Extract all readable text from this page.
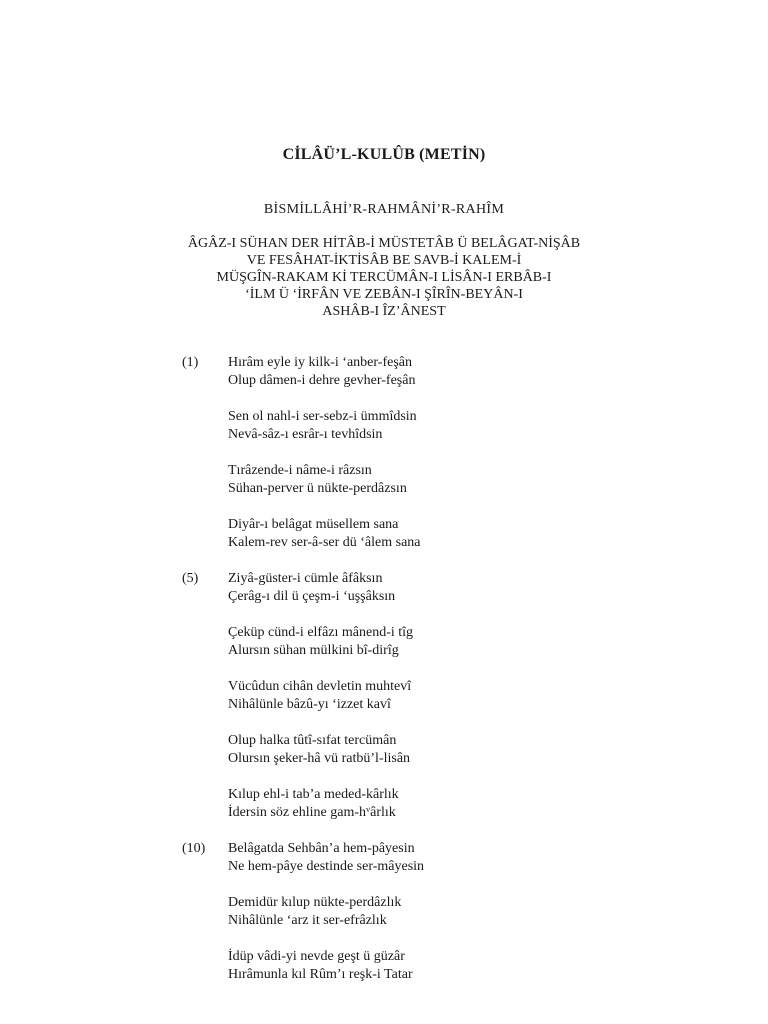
CİLÂÜ’L-KULÛB (METİN)
BİSMİLLÂHİ’R-RAHMÂNİ’R-RAHÎM
ÂGÂZ-I SÜHAN DER HİTÂB-İ MÜSTETÂB Ü BELÂGAT-NİŞÂB
VE FESÂHAT-İKTİSÂB BE SAVB-İ KALEM-İ
MÜŞGÎN-RAKAM Kİ TERCÜMÂN-I LİSÂN-I ERBÂB-I
‘İLM Ü ‘İRFÂN VE ZEBÂN-I ŞÎRÎN-BEYÂN-I
ASHÂB-I ÎZ’ÂNEST
(1) Hırâm eyle iy kilk-i ‘anber-feşân
Olup dâmen-i dehre gevher-feşân
Sen ol nahl-i ser-sebz-i ümmîdsin
Nevâ-sâz-ı esrâr-ı tevhîdsin
Tırâzende-i nâme-i râzsın
Sühan-perver ü nükte-perdâzsın
Diyâr-ı belâgat müsellem sana
Kalem-rev ser-â-ser dü ‘âlem sana
(5) Ziyâ-güster-i cümle âfâksın
Çerâg-ı dil ü çeşm-i ‘uşşâksın
Çeküp cünd-i elfâzı mânend-i tîg
Alursın sühan mülkini bî-dirîg
Vücûdun cihân devletin muhtevî
Nihâlünle bâzû-yı ‘izzet kavî
Olup halka tûtî-sıfat tercümân
Olursın şeker-hâ vü ratbü’l-lisân
Kılup ehl-i tab’a meded-kârlık
İdersin söz ehline gam-hᵛârlık
(10) Belâgatda Sehbân’a hem-pâyesin
Ne hem-pâye destinde ser-mâyesin
Demidür kılup nükte-perdâzlık
Nihâlünle ‘arz it ser-efrâzlık
İdüp vâdi-yi nevde geşt ü güzâr
Hırâmunla kıl Rûm’ı reşk-i Tatar
